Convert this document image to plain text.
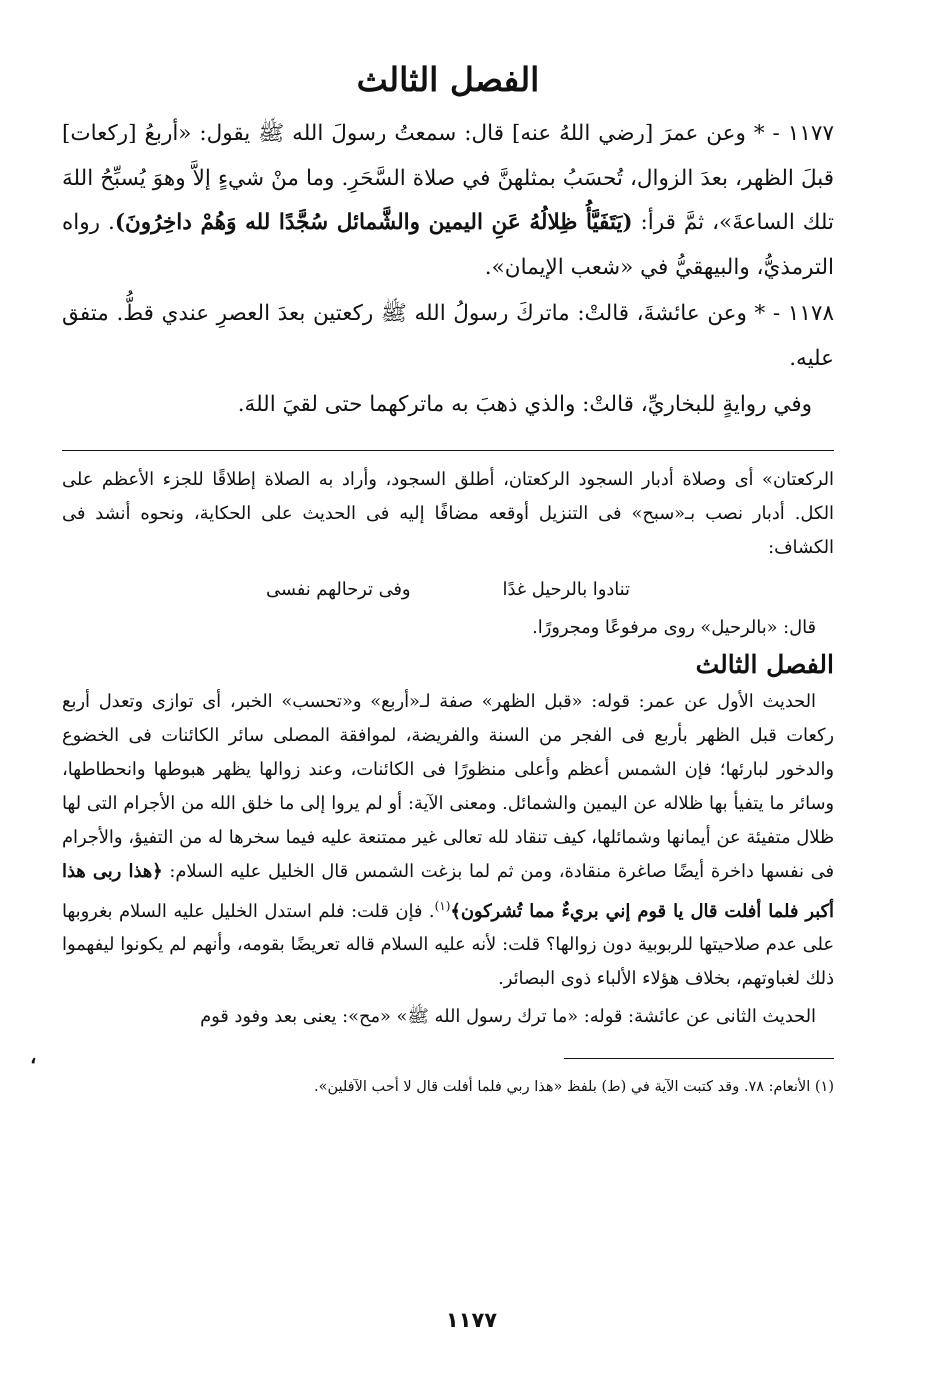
الفصل الثالث

١١٧٧ - * وعن عمرَ [رضي اللهُ عنه] قال: سمعتُ رسولَ الله ﷺ يقول: «أربعُ [ركعات] قبلَ الظهر، بعدَ الزوال، تُحسَبُ بمثلهنَّ في صلاة السَّحَرِ. وما منْ شيءٍ إلاَّ وهوَ يُسبِّحُ اللهَ تلك الساعةَ»، ثمَّ قرأ: (يَتَفَيَّأُ ظِلالُهُ عَنِ اليمين والشَّمائل سُجَّدًا لله وَهُمْ داخِرُونَ). رواه الترمذيُّ، والبيهقيُّ في «شعب الإيمان».

١١٧٨ - * وعن عائشةَ، قالتْ: ماتركَ رسولُ الله ﷺ ركعتين بعدَ العصرِ عندي قطُّ. متفق عليه.

وفي روايةٍ للبخاريِّ، قالتْ: والذي ذهبَ به ماتركهما حتى لقيَ اللهَ.

الركعتان» أى وصلاة أدبار السجود الركعتان، أطلق السجود، وأراد به الصلاة إطلاقًا للجزء الأعظم على الكل. أدبار نصب بـ«سبح» فى التنزيل أوقعه مضافًا إليه فى الحديث على الحكاية، ونحوه أنشد فى الكشاف:

تنادوا بالرحيل غدًا
وفى ترحالهم نفسى

قال: «بالرحيل» روى مرفوعًا ومجرورًا.

الفصل الثالث

الحديث الأول عن عمر: قوله: «قبل الظهر» صفة لـ«أربع» و«تحسب» الخبر، أى توازى وتعدل أربع ركعات قبل الظهر بأربع فى الفجر من السنة والفريضة، لموافقة المصلى سائر الكائنات فى الخضوع والدخور لبارئها؛ فإن الشمس أعظم وأعلى منظورًا فى الكائنات، وعند زوالها يظهر هبوطها وانحطاطها، وسائر ما يتفيأ بها ظلاله عن اليمين والشمائل. ومعنى الآية: أو لم يروا إلى ما خلق الله من الأجرام التى لها ظلال متفيئة عن أيمانها وشمائلها، كيف تنقاد لله تعالى غير ممتنعة عليه فيما سخرها له من التفيؤ، والأجرام فى نفسها داخرة أيضًا صاغرة منقادة، ومن ثم لما بزغت الشمس قال الخليل عليه السلام: ﴿هذا ربى هذا أكبر فلما أفلت قال يا قوم إني بريءٌ مما تُشركون﴾$^{(١)}$. فإن قلت: فلم استدل الخليل عليه السلام بغروبها على عدم صلاحيتها للربوبية دون زوالها؟ قلت: لأنه عليه السلام قاله تعريضًا بقومه، وأنهم لم يكونوا ليفهموا ذلك لغباوتهم، بخلاف هؤلاء الألباء ذوى البصائر.

الحديث الثانى عن عائشة: قوله: «ما ترك رسول الله ﷺ» «مح»: يعنى بعد وفود قوم

(١) الأنعام: ٧٨. وقد كتبت الآية في (ط) بلفظ «هذا ربي فلما أفلت قال لا أحب الآفلين».

،
١١٧٧
